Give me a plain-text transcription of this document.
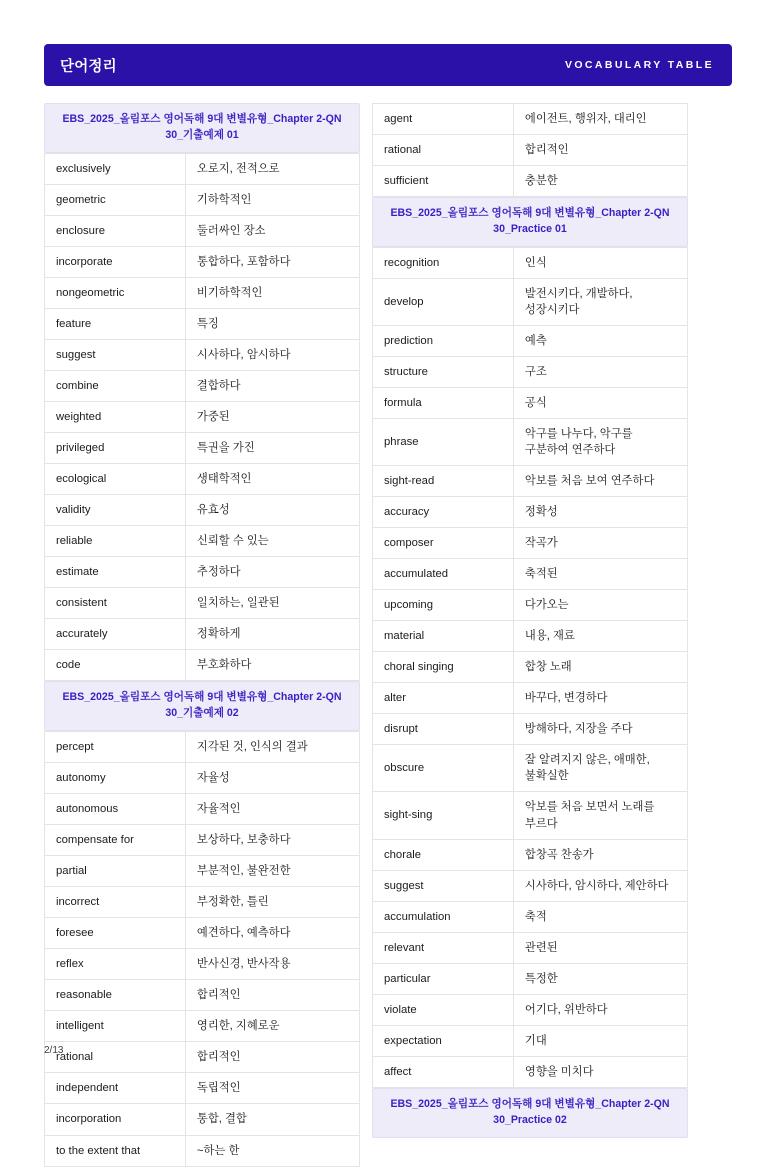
단어정리	VOCABULARY TABLE
EBS_2025_올림포스 영어독해 9대 변별유형_Chapter 2-QN 30_기출예제 01
exclusively	오로지, 전적으로
geometric	기하학적인
enclosure	둘러싸인 장소
incorporate	통합하다, 포함하다
nongeometric	비기하학적인
feature	특징
suggest	시사하다, 암시하다
combine	결합하다
weighted	가중된
privileged	특권을 가진
ecological	생태학적인
validity	유효성
reliable	신뢰할 수 있는
estimate	추정하다
consistent	일치하는, 일관된
accurately	정확하게
code	부호화하다
EBS_2025_올림포스 영어독해 9대 변별유형_Chapter 2-QN 30_기출예제 02
percept	지각된 것, 인식의 결과
autonomy	자율성
autonomous	자율적인
compensate for	보상하다, 보충하다
partial	부분적인, 불완전한
incorrect	부정확한, 틀린
foresee	예견하다, 예측하다
reflex	반사신경, 반사작용
reasonable	합리적인
intelligent	영리한, 지혜로운
rational	합리적인
independent	독립적인
incorporation	통합, 결합
to the extent that	~하는 한
agent	에이전트, 행위자, 대리인
rational	합리적인
sufficient	충분한
EBS_2025_올림포스 영어독해 9대 변별유형_Chapter 2-QN 30_Practice 01
recognition	인식
develop	발전시키다, 개발하다, 성장시키다
prediction	예측
structure	구조
formula	공식
phrase	악구를 나누다, 악구를 구분하여 연주하다
sight-read	악보를 처음 보여 연주하다
accuracy	정확성
composer	작곡가
accumulated	축적된
upcoming	다가오는
material	내용, 재료
choral singing	합창 노래
alter	바꾸다, 변경하다
disrupt	방해하다, 지장을 주다
obscure	잘 알려지지 않은, 애매한, 불확실한
sight-sing	악보를 처음 보면서 노래를 부르다
chorale	합창곡 찬송가
suggest	시사하다, 암시하다, 제안하다
accumulation	축적
relevant	관련된
particular	특정한
violate	어기다, 위반하다
expectation	기대
affect	영향을 미치다
EBS_2025_올림포스 영어독해 9대 변별유형_Chapter 2-QN 30_Practice 02
2/13
